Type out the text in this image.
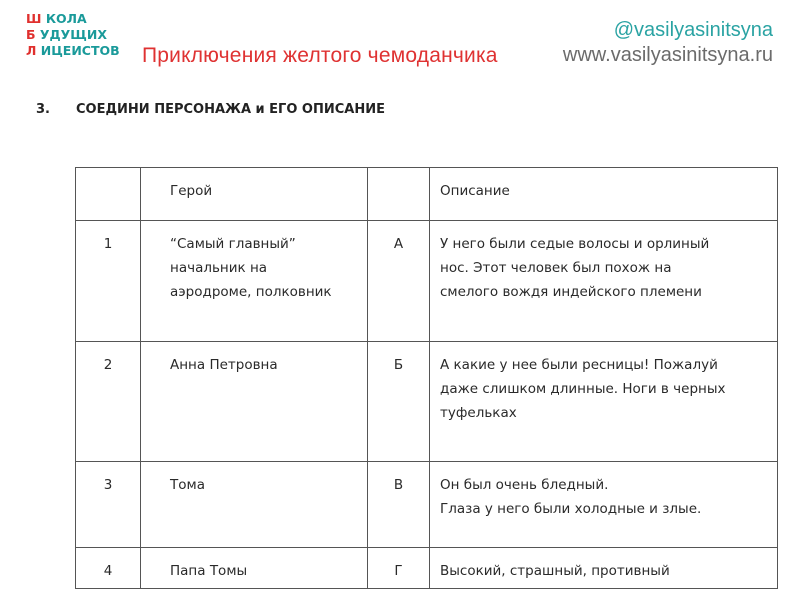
Ш КОЛА
Б УДУЩИХ
Л ИЦЕИСТОВ Приключения желтого чемоданчика
@vasilyasinitsyna
www.vasilyasinitsyna.ru
3. СОЕДИНИ ПЕРСОНАЖА и ЕГО ОПИСАНИЕ

	Герой		Описание

1	“Самый главный”
начальник на
аэродроме, полковник	А	У него были седые волосы и орлиный
нос. Этот человек был похож на
смелого вождя индейского племени

2	Анна Петровна	Б	А какие у нее были ресницы! Пожалуй
даже слишком длинные. Ноги в черных
туфельках

3	Тома	В	Он был очень бледный.
Глаза у него были холодные и злые.

4	Папа Томы	Г	Высокий, страшный, противный
